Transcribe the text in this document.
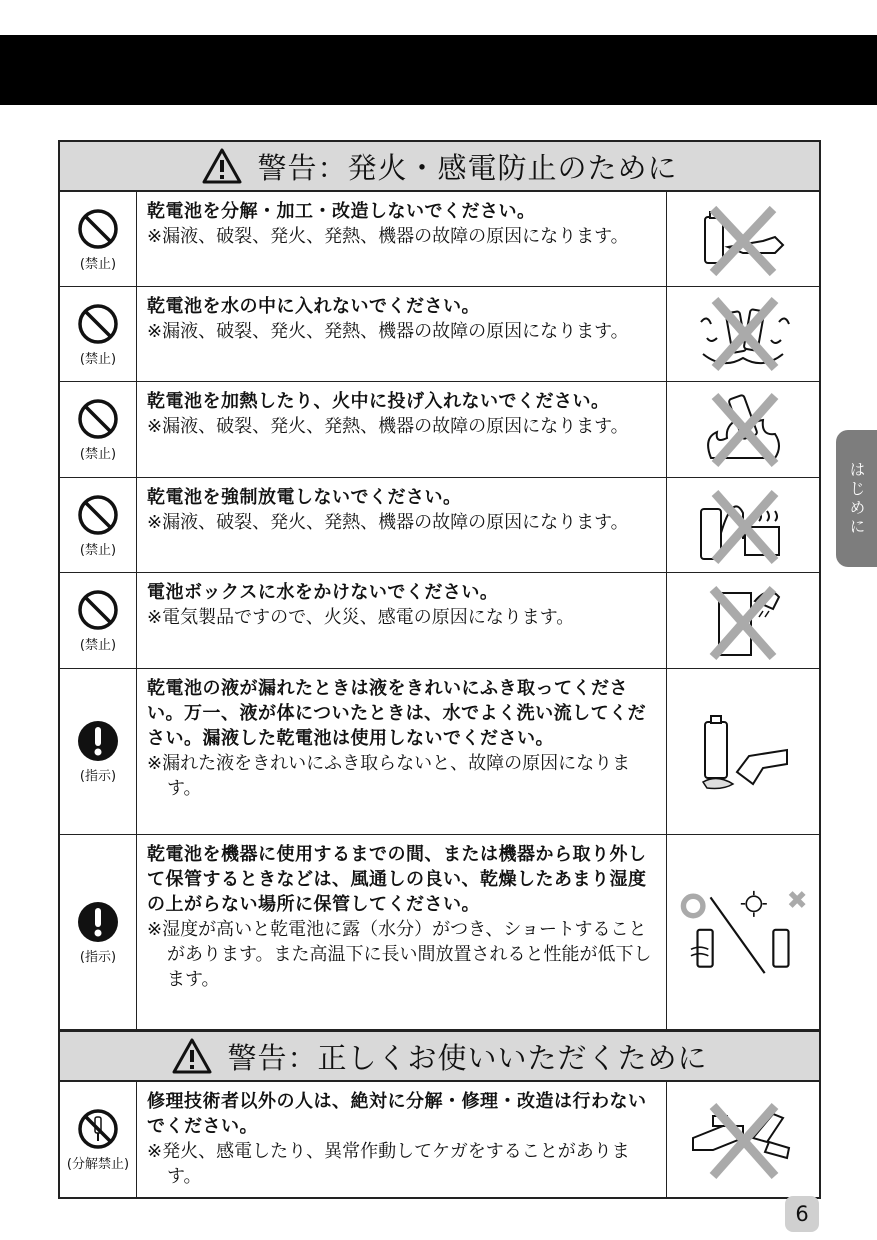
警告：発火・感電防止のために
(禁止)
乾電池を分解・加工・改造しないでください。
※漏液、破裂、発火、発熱、機器の故障の原因になります。
(禁止)
乾電池を水の中に入れないでください。
※漏液、破裂、発火、発熱、機器の故障の原因になります。
(禁止)
乾電池を加熱したり、火中に投げ入れないでください。
※漏液、破裂、発火、発熱、機器の故障の原因になります。
(禁止)
乾電池を強制放電しないでください。
※漏液、破裂、発火、発熱、機器の故障の原因になります。
(禁止)
電池ボックスに水をかけないでください。
※電気製品ですので、火災、感電の原因になります。
(指示)
乾電池の液が漏れたときは液をきれいにふき取ってください。万一、液が体についたときは、水でよく洗い流してください。漏液した乾電池は使用しないでください。
※漏れた液をきれいにふき取らないと、故障の原因になります。
(指示)
乾電池を機器に使用するまでの間、または機器から取り外して保管するときなどは、風通しの良い、乾燥したあまり湿度の上がらない場所に保管してください。
※湿度が高いと乾電池に露（水分）がつき、ショートすることがあります。また高温下に長い間放置されると性能が低下します。
警告：正しくお使いいただくために
(分解禁止)
修理技術者以外の人は、絶対に分解・修理・改造は行わないでください。
※発火、感電したり、異常作動してケガをすることがあります。
はじめに
6
